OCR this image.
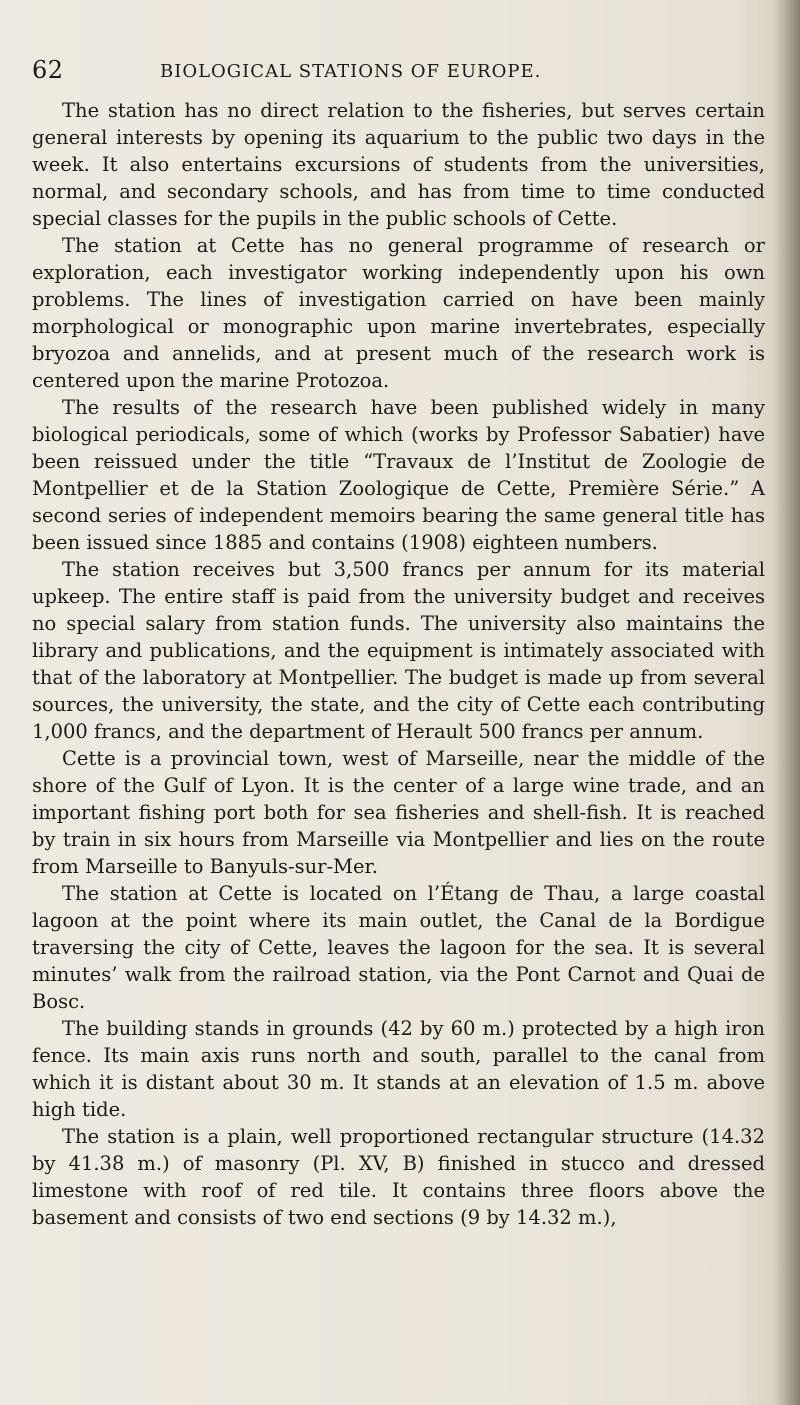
62	BIOLOGICAL STATIONS OF EUROPE.

The station has no direct relation to the fisheries, but serves certain general interests by opening its aquarium to the public two days in the week. It also entertains excursions of students from the universities, normal, and secondary schools, and has from time to time conducted special classes for the pupils in the public schools of Cette.

The station at Cette has no general programme of research or exploration, each investigator working independently upon his own problems. The lines of investigation carried on have been mainly morphological or monographic upon marine invertebrates, especially bryozoa and annelids, and at present much of the research work is centered upon the marine Protozoa.

The results of the research have been published widely in many biological periodicals, some of which (works by Professor Sabatier) have been reissued under the title “Travaux de l’Institut de Zoologie de Montpellier et de la Station Zoologique de Cette, Première Série.” A second series of independent memoirs bearing the same general title has been issued since 1885 and contains (1908) eighteen numbers.

The station receives but 3,500 francs per annum for its material upkeep. The entire staff is paid from the university budget and receives no special salary from station funds. The university also maintains the library and publications, and the equipment is intimately associated with that of the laboratory at Montpellier. The budget is made up from several sources, the university, the state, and the city of Cette each contributing 1,000 francs, and the department of Herault 500 francs per annum.

Cette is a provincial town, west of Marseille, near the middle of the shore of the Gulf of Lyon. It is the center of a large wine trade, and an important fishing port both for sea fisheries and shell-fish. It is reached by train in six hours from Marseille via Montpellier and lies on the route from Marseille to Banyuls-sur-Mer.

The station at Cette is located on l’Étang de Thau, a large coastal lagoon at the point where its main outlet, the Canal de la Bordigue traversing the city of Cette, leaves the lagoon for the sea. It is several minutes’ walk from the railroad station, via the Pont Carnot and Quai de Bosc.

The building stands in grounds (42 by 60 m.) protected by a high iron fence. Its main axis runs north and south, parallel to the canal from which it is distant about 30 m. It stands at an elevation of 1.5 m. above high tide.

The station is a plain, well proportioned rectangular structure (14.32 by 41.38 m.) of masonry (Pl. XV, B) finished in stucco and dressed limestone with roof of red tile. It contains three floors above the basement and consists of two end sections (9 by 14.32 m.),
